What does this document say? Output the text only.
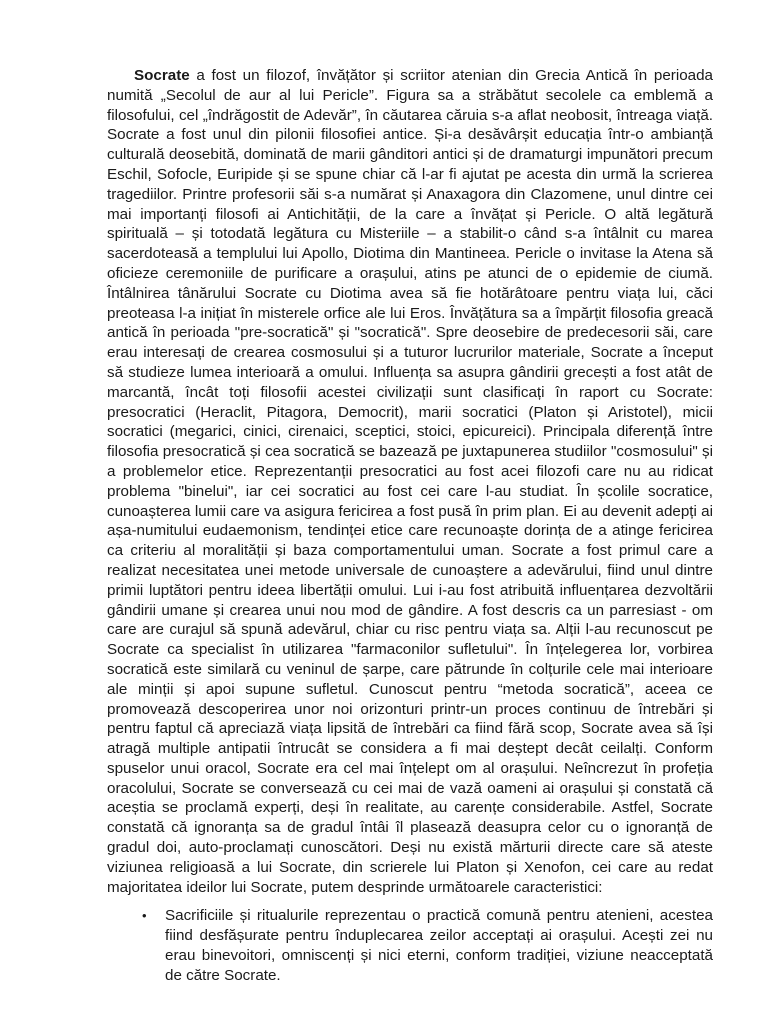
Socrate a fost un filozof, învățător și scriitor atenian din Grecia Antică în perioada numită „Secolul de aur al lui Pericle”. Figura sa a străbătut secolele ca emblemă a filosofului, cel „îndrăgostit de Adevăr”, în căutarea căruia s-a aflat neobosit, întreaga viață. Socrate a fost unul din pilonii filosofiei antice. Și-a desăvârșit educația într-o ambianță culturală deosebită, dominată de marii gânditori antici și de dramaturgi impunători precum Eschil, Sofocle, Euripide și se spune chiar că l-ar fi ajutat pe acesta din urmă la scrierea tragediilor. Printre profesorii săi s-a numărat și Anaxagora din Clazomene, unul dintre cei mai importanți filosofi ai Antichității, de la care a învățat și Pericle. O altă legătură spirituală – și totodată legătura cu Misteriile – a stabilit-o când s-a întâlnit cu marea sacerdoteasă a templului lui Apollo, Diotima din Mantineea. Pericle o invitase la Atena să oficieze ceremoniile de purificare a orașului, atins pe atunci de o epidemie de ciumă. Întâlnirea tânărului Socrate cu Diotima avea să fie hotărâtoare pentru viața lui, căci preoteasa l-a inițiat în misterele orfice ale lui Eros. Învățătura sa a împărțit filosofia greacă antică în perioada "pre-socratică" și "socratică". Spre deosebire de predecesorii săi, care erau interesați de crearea cosmosului și a tuturor lucrurilor materiale, Socrate a început să studieze lumea interioară a omului. Influența sa asupra gândirii grecești a fost atât de marcantă, încât toți filosofii acestei civilizații sunt clasificați în raport cu Socrate: presocratici (Heraclit, Pitagora, Democrit), marii socratici (Platon și Aristotel), micii socratici (megarici, cinici, cirenaici, sceptici, stoici, epicureici). Principala diferență între filosofia presocratică și cea socratică se bazează pe juxtapunerea studiilor "cosmosului" și a problemelor etice. Reprezentanții presocratici au fost acei filozofi care nu au ridicat problema "binelui", iar cei socratici au fost cei care l-au studiat. În școlile socratice, cunoașterea lumii care va asigura fericirea a fost pusă în prim plan. Ei au devenit adepți ai așa-numitului eudaemonism, tendinței etice care recunoaște dorința de a atinge fericirea ca criteriu al moralității și baza comportamentului uman. Socrate a fost primul care a realizat necesitatea unei metode universale de cunoaștere a adevărului, fiind unul dintre primii luptători pentru ideea libertății omului. Lui i-au fost atribuită influențarea dezvoltării gândirii umane și crearea unui nou mod de gândire. A fost descris ca un parresiast - om care are curajul să spună adevărul, chiar cu risc pentru viața sa. Alții l-au recunoscut pe Socrate ca specialist în utilizarea "farmaconilor sufletului". În înțelegerea lor, vorbirea socratică este similară cu veninul de șarpe, care pătrunde în colțurile cele mai interioare ale minții și apoi supune sufletul. Cunoscut pentru “metoda socratică”, aceea ce promovează descoperirea unor noi orizonturi printr-un proces continuu de întrebări și pentru faptul că apreciază viața lipsită de întrebări ca fiind fără scop, Socrate avea să își atragă multiple antipatii întrucât se considera a fi mai deștept decât ceilalți. Conform spuselor unui oracol, Socrate era cel mai înțelept om al orașului. Neîncrezut în profeția oracolului, Socrate se conversează cu cei mai de vază oameni ai orașului și constată că aceștia se proclamă experți, deși în realitate, au carențe considerabile. Astfel, Socrate constată că ignoranța sa de gradul întâi îl plasează deasupra celor cu o ignoranță de gradul doi, auto-proclamați cunoscători. Deși nu există mărturii directe care să ateste viziunea religioasă a lui Socrate, din scrierele lui Platon și Xenofon, cei care au redat majoritatea ideilor lui Socrate, putem desprinde următoarele caracteristici:

• Sacrificiile și ritualurile reprezentau o practică comună pentru atenieni, acestea fiind desfășurate pentru înduplecarea zeilor acceptați ai orașului. Acești zei nu erau binevoitori, omniscenți și nici eterni, conform tradiției, viziune neacceptată de către Socrate.
